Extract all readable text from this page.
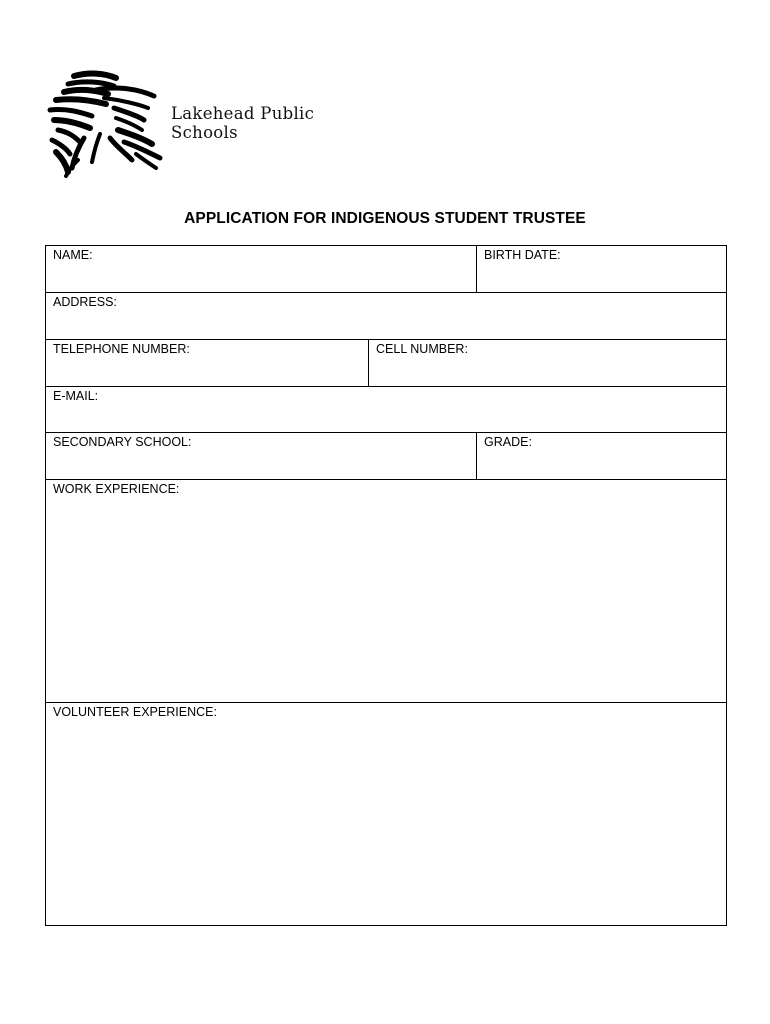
Lakehead Public Schools
APPLICATION FOR INDIGENOUS STUDENT TRUSTEE
NAME:	BIRTH DATE:
ADDRESS:
TELEPHONE NUMBER:	CELL NUMBER:
E-MAIL:
SECONDARY SCHOOL:	GRADE:
WORK EXPERIENCE:
VOLUNTEER EXPERIENCE:
